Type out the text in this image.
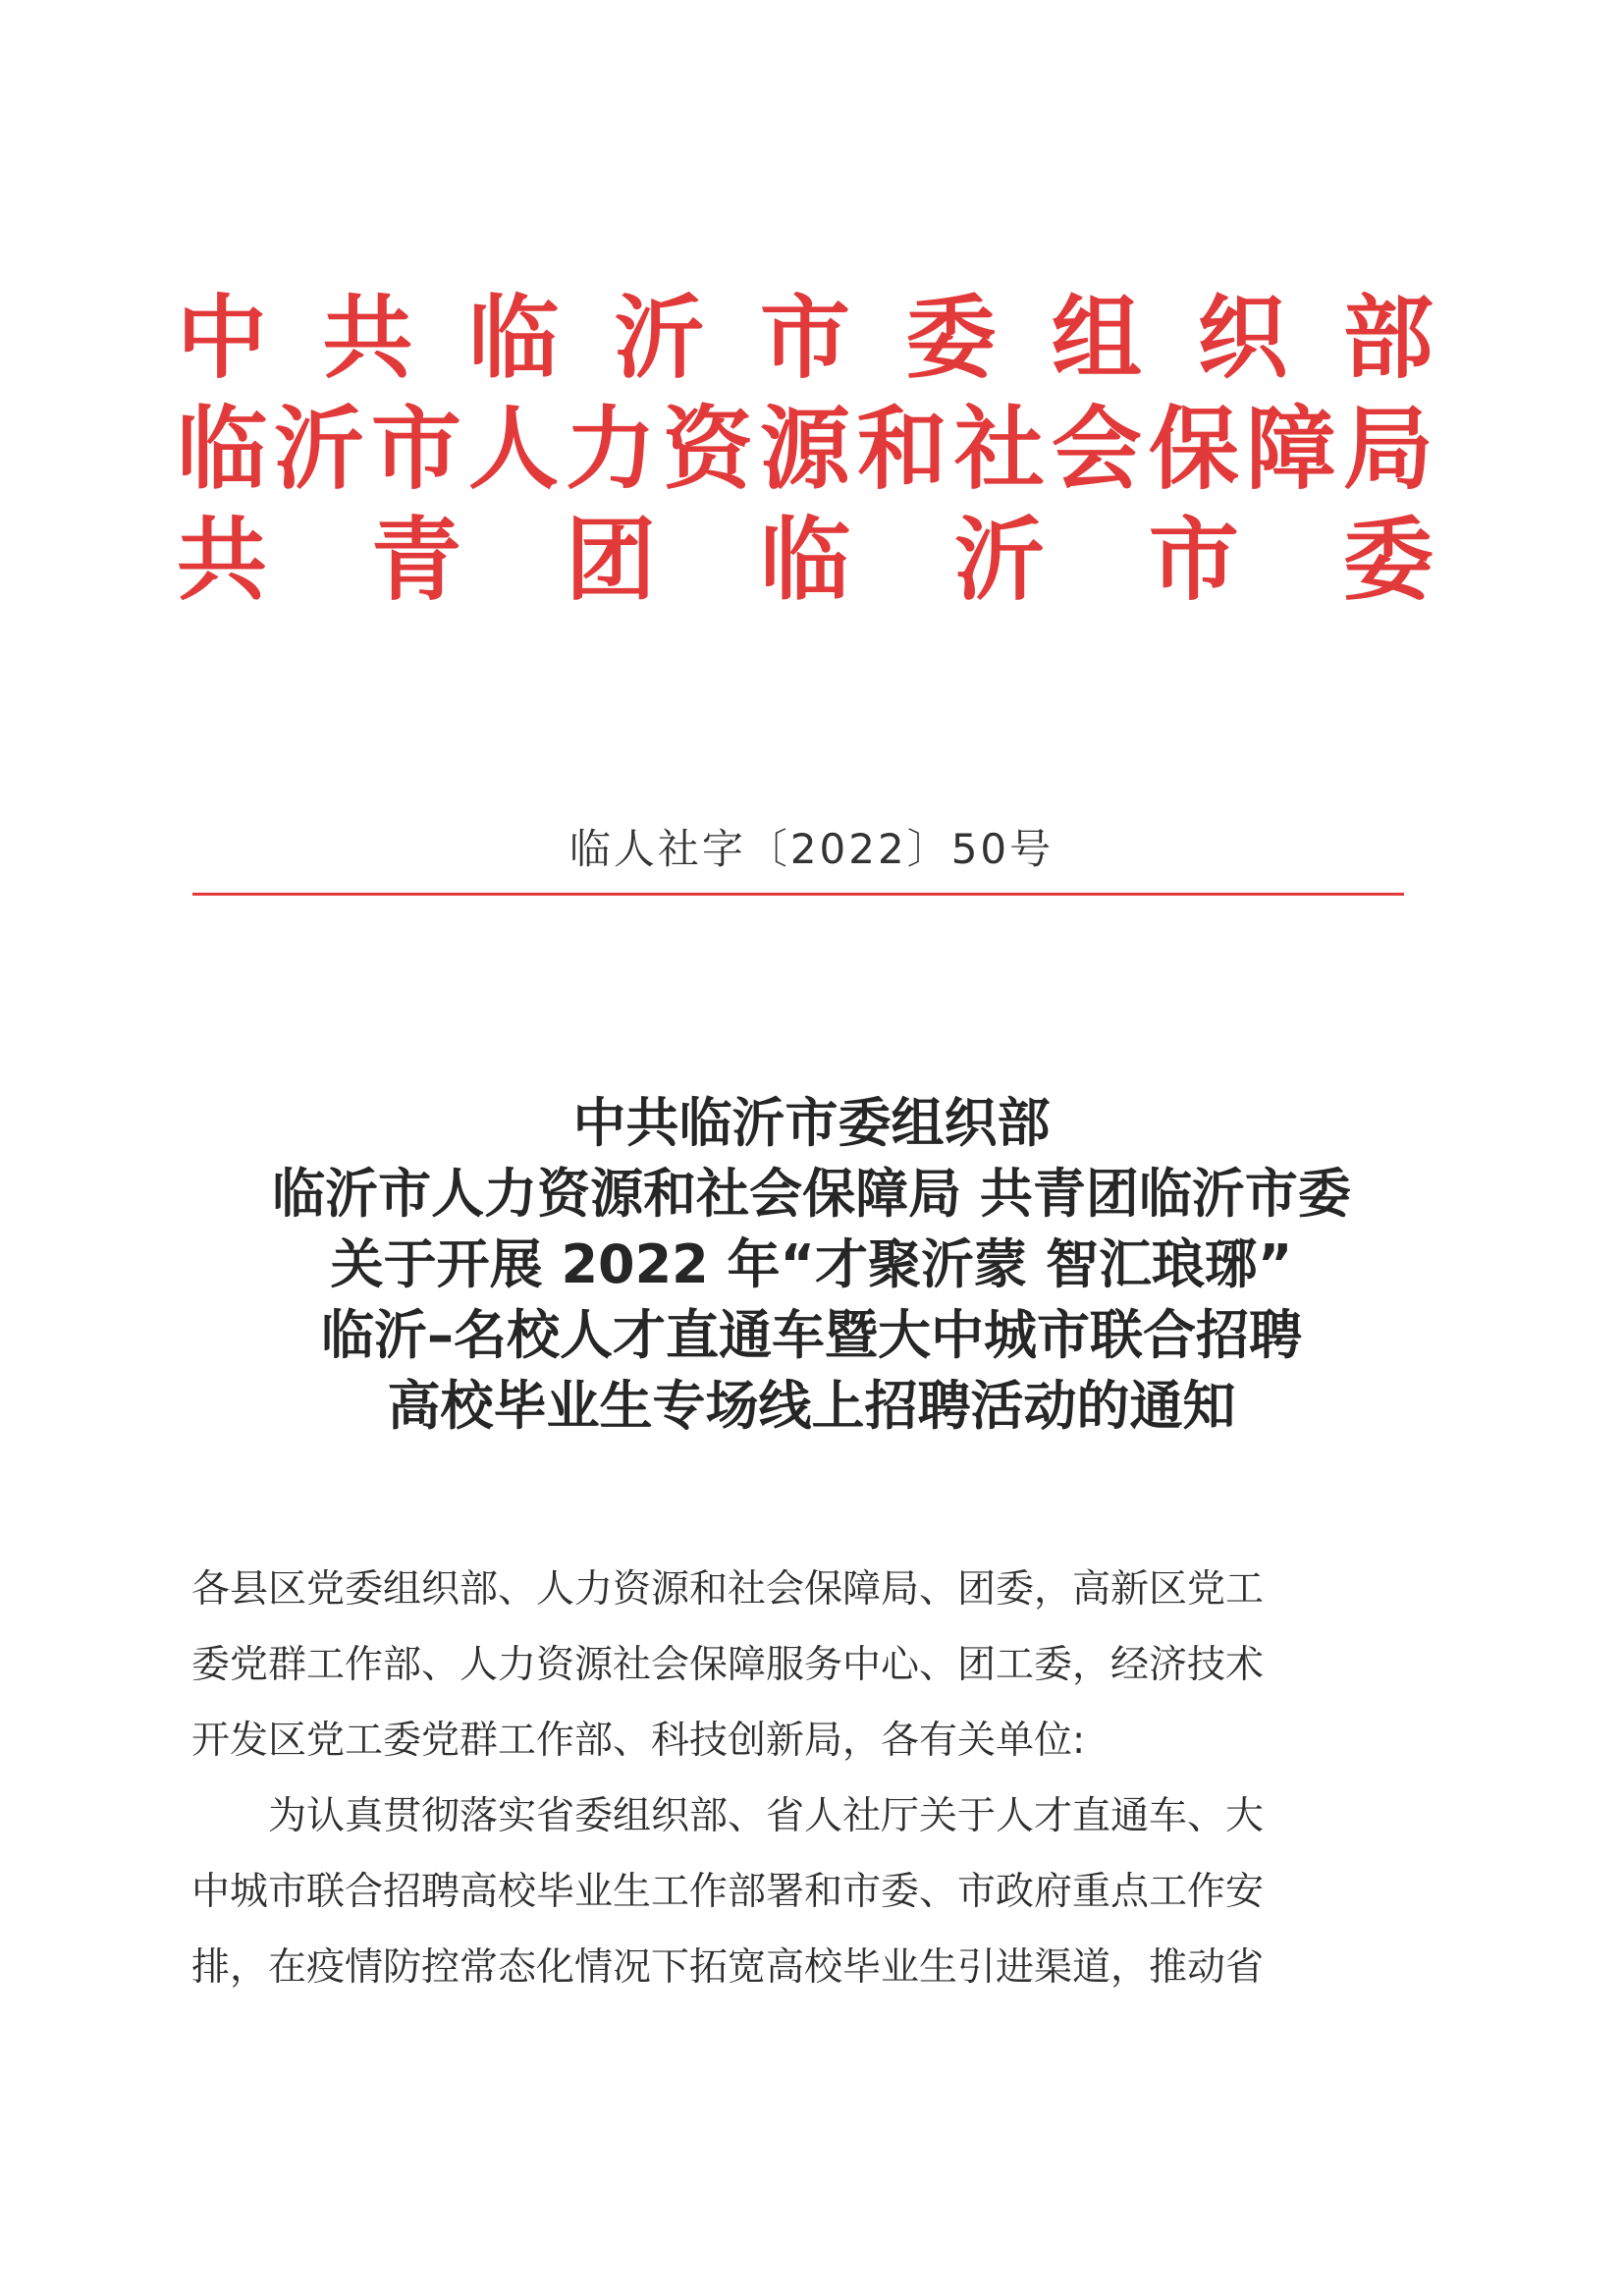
中 共 临 沂 市 委 组 织 部
临 沂 市 人 力 资 源 和 社 会 保 障 局
共 青 团 临 沂 市 委
临人社字〔2022〕50号
中共临沂市委组织部
临沂市人力资源和社会保障局 共青团临沂市委
关于开展 2022 年“才聚沂蒙 智汇琅琊”
临沂–名校人才直通车暨大中城市联合招聘
高校毕业生专场线上招聘活动的通知
各县区党委组织部、人力资源和社会保障局、团委，高新区党工
委党群工作部、人力资源社会保障服务中心、团工委，经济技术
开发区党工委党群工作部、科技创新局，各有关单位:
为认真贯彻落实省委组织部、省人社厅关于人才直通车、大
中城市联合招聘高校毕业生工作部署和市委、市政府重点工作安
排，在疫情防控常态化情况下拓宽高校毕业生引进渠道，推动省
